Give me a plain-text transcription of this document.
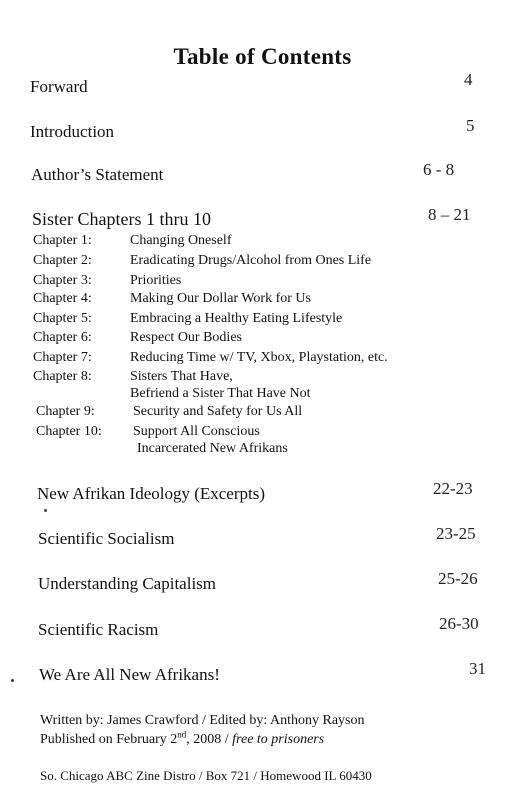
Table of Contents
Forward	4
Introduction	5
Author’s Statement	6 - 8
Sister Chapters 1 thru 10	8 – 21
Chapter 1:	Changing Oneself
Chapter 2:	Eradicating Drugs/Alcohol from Ones Life
Chapter 3:	Priorities
Chapter 4:	Making Our Dollar Work for Us
Chapter 5:	Embracing a Healthy Eating Lifestyle
Chapter 6:	Respect Our Bodies
Chapter 7:	Reducing Time w/ TV, Xbox, Playstation, etc.
Chapter 8:	Sisters That Have,
Befriend a Sister That Have Not
Chapter 9:	Security and Safety for Us All
Chapter 10: Support All Conscious
Incarcerated New Afrikans
New Afrikan Ideology (Excerpts)	22-23
Scientific Socialism	23-25
Understanding Capitalism	25-26
Scientific Racism	26-30
We Are All New Afrikans!	31
Written by: James Crawford / Edited by: Anthony Rayson
Published on February 2nd, 2008 / free to prisoners
So. Chicago ABC Zine Distro / Box 721 / Homewood IL 60430
